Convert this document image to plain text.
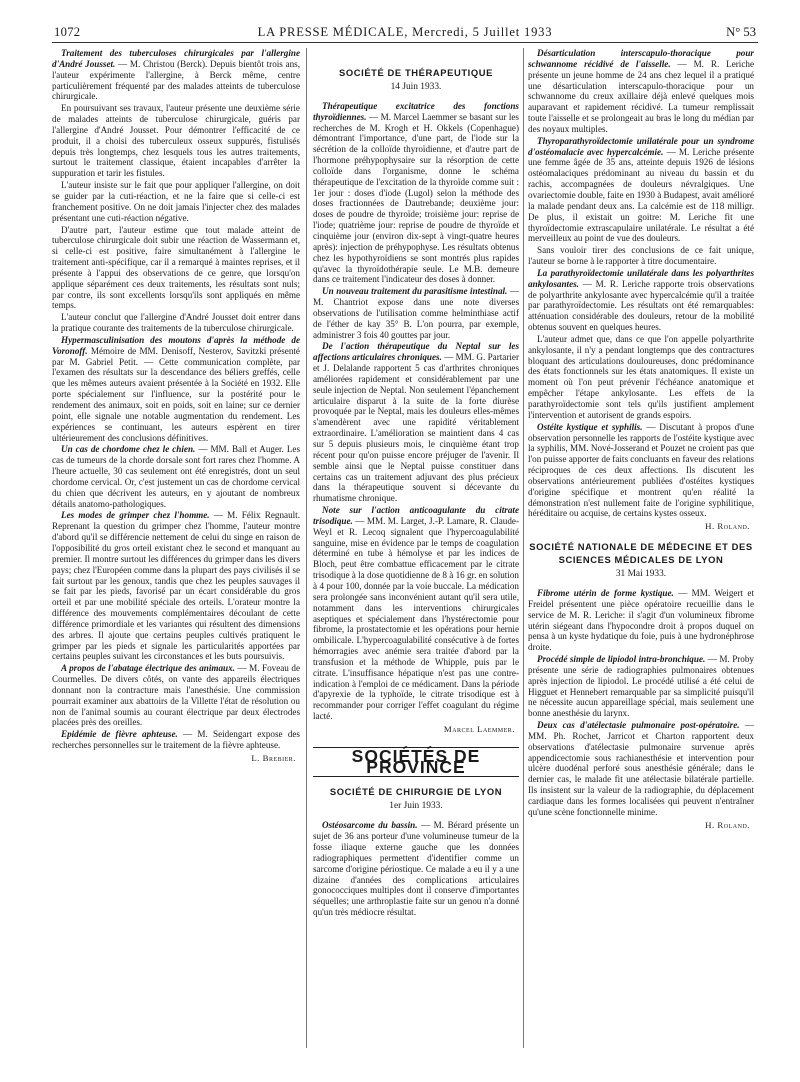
1072	LA PRESSE MÉDICALE, Mercredi, 5 Juillet 1933	N° 53

Traitement des tuberculoses chirurgicales par l'allergine d'André Jousset. — M. Christou (Berck). Depuis bientôt trois ans, l'auteur expérimente l'allergine, à Berck même, centre particulièrement fréquenté par des malades atteints de tuberculose chirurgicale.

En poursuivant ses travaux, l'auteur présente une deuxième série de malades atteints de tuberculose chirurgicale, guéris par l'allergine d'André Jousset. Pour démontrer l'efficacité de ce produit, il a choisi des tuberculeux osseux suppurés, fistulisés depuis très longtemps, chez lesquels tous les autres traitements, surtout le traitement classique, étaient incapables d'arrêter la suppuration et tarir les fistules.

L'auteur insiste sur le fait que pour appliquer l'allergine, on doit se guider par la cuti-réaction, et ne la faire que si celle-ci est franchement positive. On ne doit jamais l'injecter chez des malades présentant une cuti-réaction négative.

D'autre part, l'auteur estime que tout malade atteint de tuberculose chirurgicale doit subir une réaction de Wassermann et, si celle-ci est positive, faire simultanément à l'allergine le traitement anti-spécifique, car il a remarqué à maintes reprises, et il présente à l'appui des observations de ce genre, que lorsqu'on applique séparément ces deux traitements, les résultats sont nuls; par contre, ils sont excellents lorsqu'ils sont appliqués en même temps.

L'auteur conclut que l'allergine d'André Jousset doit entrer dans la pratique courante des traitements de la tuberculose chirurgicale.

Hypermasculinisation des moutons d'après la méthode de Voronoff. Mémoire de MM. Denisoff, Nesterov, Savitzki présenté par M. Gabriel Petit. — Cette communication complète, par l'examen des résultats sur la descendance des béliers greffés, celle que les mêmes auteurs avaient présentée à la Société en 1932. Elle porte spécialement sur l'influence, sur la postérité pour le rendement des animaux, soit en poids, soit en laine; sur ce dernier point, elle signale une notable augmentation du rendement. Les expériences se continuant, les auteurs espèrent en tirer ultérieurement des conclusions définitives.

Un cas de chordome chez le chien. — MM. Ball et Auger. Les cas de tumeurs de la chorde dorsale sont fort rares chez l'homme. A l'heure actuelle, 30 cas seulement ont été enregistrés, dont un seul chordome cervical. Or, c'est justement un cas de chordome cervical du chien que décrivent les auteurs, en y ajoutant de nombreux détails anatomo-pathologiques.

Les modes de grimper chez l'homme. — M. Félix Regnault. Reprenant la question du grimper chez l'homme, l'auteur montre d'abord qu'il se différencie nettement de celui du singe en raison de l'opposibilité du gros orteil existant chez le second et manquant au premier. Il montre surtout les différences du grimper dans les divers pays; chez l'Européen comme dans la plupart des pays civilisés il se fait surtout par les genoux, tandis que chez les peuples sauvages il se fait par les pieds, favorisé par un écart considérable du gros orteil et par une mobilité spéciale des orteils. L'orateur montre la différence des mouvements complémentaires découlant de cette différence primordiale et les variantes qui résultent des dimensions des arbres. Il ajoute que certains peuples cultivés pratiquent le grimper par les pieds et signale les particularités apportées par certains peuples suivant les circonstances et les buts poursuivis.

A propos de l'abatage électrique des animaux. — M. Foveau de Courmelles. De divers côtés, on vante des appareils électriques donnant non la contracture mais l'anesthésie. Une commission pourrait examiner aux abattoirs de la Villette l'état de résolution ou non de l'animal soumis au courant électrique par deux électrodes placées près des oreilles.

Epidémie de fièvre aphteuse. — M. Seidengart expose des recherches personnelles sur le traitement de la fièvre aphteuse.

L. Brebier.
SOCIÉTÉ DE THÉRAPEUTIQUE
14 Juin 1933.

Thérapeutique excitatrice des fonctions thyroïdiennes. — M. Marcel Laemmer se basant sur les recherches de M. Krogh et H. Okkels (Copenhague) démontrant l'importance, d'une part, de l'iode sur la sécrétion de la colloïde thyroïdienne, et d'autre part de l'hormone préhypophysaire sur la résorption de cette colloïde dans l'organisme, donne le schéma thérapeutique de l'excitation de la thyroïde comme suit : 1er jour : doses d'iode (Lugol) selon la méthode des doses fractionnées de Dautrebande; deuxième jour: doses de poudre de thyroïde; troisième jour: reprise de l'iode; quatrième jour: reprise de poudre de thyroïde et cinquième jour (environ dix-sept à vingt-quatre heures après): injection de préhypophyse. Les résultats obtenus chez les hypothyroïdiens se sont montrés plus rapides qu'avec la thyroïdothérapie seule. Le M.B. demeure dans ce traitement l'indicateur des doses à donner.

Un nouveau traitement du parasitisme intestinal. — M. Chantriot expose dans une note diverses observations de l'utilisation comme helminthiase actif de l'éther de kay 35° B. L'on pourra, par exemple, administrer 3 fois 40 gouttes par jour.

De l'action thérapeutique du Neptal sur les affections articulaires chroniques. — MM. G. Partarier et J. Delalande rapportent 5 cas d'arthrites chroniques améliorées rapidement et considérablement par une seule injection de Neptal. Non seulement l'épanchement articulaire disparut à la suite de la forte diurèse provoquée par le Neptal, mais les douleurs elles-mêmes s'amendèrent avec une rapidité véritablement extraordinaire. L'amélioration se maintient dans 4 cas sur 5 depuis plusieurs mois, le cinquième étant trop récent pour qu'on puisse encore préjuger de l'avenir. Il semble ainsi que le Neptal puisse constituer dans certains cas un traitement adjuvant des plus précieux dans la thérapeutique souvent si décevante du rhumatisme chronique.

Note sur l'action anticoagulante du citrate trisodique. — MM. M. Larget, J.-P. Lamare, R. Claude-Weyl et R. Lecoq signalent que l'hypercoagulabilité sanguine, mise en évidence par le temps de coagulation déterminé en tube à hémolyse et par les indices de Bloch, peut être combattue efficacement par le citrate trisodique à la dose quotidienne de 8 à 16 gr. en solution à 4 pour 100, donnée par la voie buccale. La médication sera prolongée sans inconvénient autant qu'il sera utile, notamment dans les interventions chirurgicales aseptiques et spécialement dans l'hystérectomie pour fibrome, la prostatectomie et les opérations pour hernie ombilicale. L'hypercoagulabilité consécutive à de fortes hémorragies avec anémie sera traitée d'abord par la transfusion et la méthode de Whipple, puis par le citrate. L'insuffisance hépatique n'est pas une contre-indication à l'emploi de ce médicament. Dans la période d'apyrexie de la typhoïde, le citrate trisodique est à recommander pour corriger l'effet coagulant du régime lacté.

Marcel Laemmer.
SOCIÉTÉS DE PROVINCE
SOCIÉTÉ DE CHIRURGIE DE LYON
1er Juin 1933.

Ostéosarcome du bassin. — M. Bérard présente un sujet de 36 ans porteur d'une volumineuse tumeur de la fosse iliaque externe gauche que les données radiographiques permettent d'identifier comme un sarcome d'origine périostique. Ce malade a eu il y a une dizaine d'années des complications articulaires gonococciques multiples dont il conserve d'importantes séquelles; une arthroplastie faite sur un genou n'a donné qu'un très médiocre résultat.

Désarticulation interscapulo-thoracique pour schwannome récidivé de l'aisselle. — M. R. Leriche présente un jeune homme de 24 ans chez lequel il a pratiqué une désarticulation interscapulo-thoracique pour un schwannome du creux axillaire déjà enlevé quelques mois auparavant et rapidement récidivé. La tumeur remplissait toute l'aisselle et se prolongeait au bras le long du médian par des noyaux multiples.

Thyroparathyroïdectomie unilatérale pour un syndrome d'ostéomalacie avec hypercalcémie. — M. Leriche présente une femme âgée de 35 ans, atteinte depuis 1926 de lésions ostéomalaciques prédominant au niveau du bassin et du rachis, accompagnées de douleurs névralgiques. Une ovariectomie double, faite en 1930 à Budapest, avait amélioré la malade pendant deux ans. La calcémie est de 118 milligr. De plus, il existait un goitre: M. Leriche fit une thyroïdectomie extrascapulaire unilatérale. Le résultat a été merveilleux au point de vue des douleurs.

Sans vouloir tirer des conclusions de ce fait unique, l'auteur se borne à le rapporter à titre documentaire.

La parathyroïdectomie unilatérale dans les polyarthrites ankylosantes. — M. R. Leriche rapporte trois observations de polyarthrite ankylosante avec hypercalcémie qu'il a traitée par parathyroïdectomie. Les résultats ont été remarquables: atténuation considérable des douleurs, retour de la mobilité obtenus souvent en quelques heures.

L'auteur admet que, dans ce que l'on appelle polyarthrite ankylosante, il n'y a pendant longtemps que des contractures bloquant des articulations douloureuses, donc prédominance des états fonctionnels sur les états anatomiques. Il existe un moment où l'on peut prévenir l'échéance anatomique et empêcher l'étape ankylosante. Les effets de la parathyroïdectomie sont tels qu'ils justifient amplement l'intervention et autorisent de grands espoirs.

Ostéite kystique et syphilis. — Discutant à propos d'une observation personnelle les rapports de l'ostéite kystique avec la syphilis, MM. Nové-Josserand et Pouzet ne croient pas que l'on puisse apporter de faits concluants en faveur des relations réciproques de ces deux affections. Ils discutent les observations antérieurement publiées d'ostéites kystiques d'origine spécifique et montrent qu'en réalité la démonstration n'est nullement faite de l'origine syphilitique, héréditaire ou acquise, de certains kystes osseux.

H. Roland.
SOCIÉTÉ NATIONALE DE MÉDECINE ET DES SCIENCES MÉDICALES DE LYON
31 Mai 1933.

Fibrome utérin de forme kystique. — MM. Weigert et Freidel présentent une pièce opératoire recueillie dans le service de M. R. Leriche: il s'agit d'un volumineux fibrome utérin siégeant dans l'hypocondre droit à propos duquel on pensa à un kyste hydatique du foie, puis à une hydronéphrose droite.

Procédé simple de lipiodol intra-bronchique. — M. Proby présente une série de radiographies pulmonaires obtenues après injection de lipiodol. Le procédé utilisé a été celui de Higguet et Hennebert remarquable par sa simplicité puisqu'il ne nécessite aucun appareillage spécial, mais seulement une bonne anesthésie du larynx.

Deux cas d'atélectasie pulmonaire post-opératoire. — MM. Ph. Rochet, Jarricot et Charton rapportent deux observations d'atélectasie pulmonaire survenue après appendicectomie sous rachianesthésie et intervention pour ulcère duodénal perforé sous anesthésie générale; dans le dernier cas, le malade fit une atélectasie bilatérale partielle. Ils insistent sur la valeur de la radiographie, du déplacement cardiaque dans les formes localisées qui peuvent n'entraîner qu'une scène fonctionnelle minime.

H. Roland.
